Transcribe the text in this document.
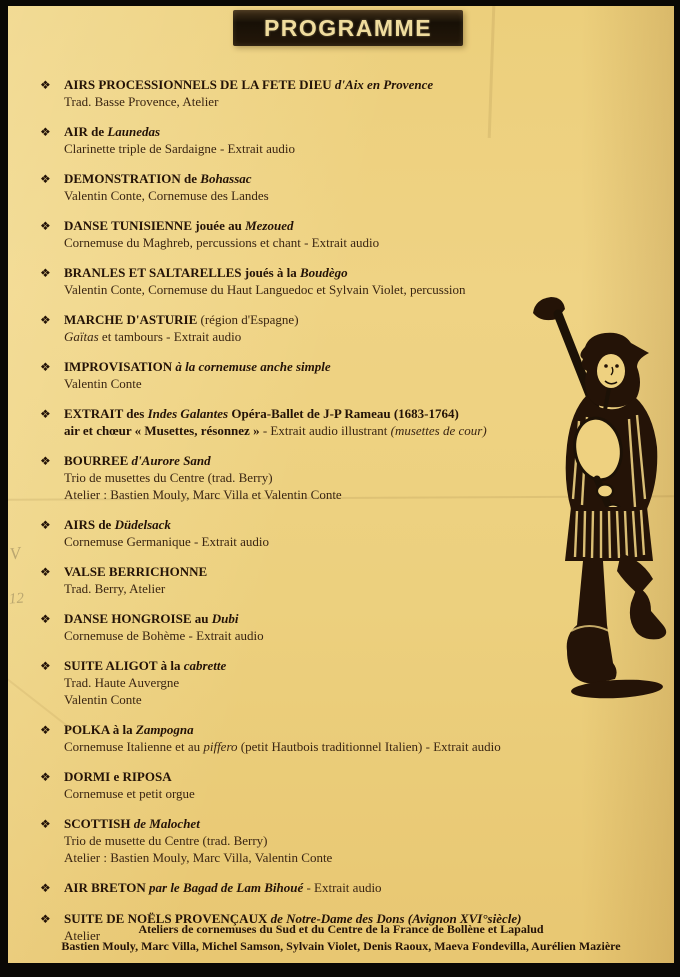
PROGRAMME
❖	AIRS PROCESSIONNELS DE LA FETE DIEU d'Aix en Provence
Trad. Basse Provence, Atelier
❖	AIR de Launedas
Clarinette triple de Sardaigne - Extrait audio
❖	DEMONSTRATION de Bohassac
Valentin Conte, Cornemuse des Landes
❖	DANSE TUNISIENNE jouée au Mezoued
Cornemuse du Maghreb, percussions et chant - Extrait audio
❖	BRANLES ET SALTARELLES joués à la Boudègo
Valentin Conte, Cornemuse du Haut Languedoc et Sylvain Violet, percussion
❖	MARCHE D'ASTURIE (région d'Espagne)
Gaïtas et tambours - Extrait audio
❖	IMPROVISATION à la cornemuse anche simple
Valentin Conte
❖	EXTRAIT des Indes Galantes Opéra-Ballet de J-P Rameau (1683-1764)
air et chœur « Musettes, résonnez » - Extrait audio illustrant (musettes de cour)
❖	BOURREE d'Aurore Sand
Trio de musettes du Centre (trad. Berry)
Atelier : Bastien Mouly, Marc Villa et Valentin Conte
❖	AIRS de Düdelsack
Cornemuse Germanique - Extrait audio
❖	VALSE BERRICHONNE
Trad. Berry, Atelier
❖	DANSE HONGROISE au Dubi
Cornemuse de Bohème - Extrait audio
❖	SUITE ALIGOT à la cabrette
Trad. Haute Auvergne
Valentin Conte
❖	POLKA à la Zampogna
Cornemuse Italienne et au piffero (petit Hautbois traditionnel Italien) - Extrait audio
❖	DORMI e RIPOSA
Cornemuse et petit orgue
❖	SCOTTISH de Malochet
Trio de musette du Centre (trad. Berry)
Atelier : Bastien Mouly, Marc Villa, Valentin Conte
❖	AIR BRETON par le Bagad de Lam Bihoué - Extrait audio
❖	SUITE DE NOËLS PROVENÇAUX de Notre-Dame des Dons (Avignon XVI°siècle)
Atelier
V
12
Ateliers de cornemuses du Sud et du Centre de la France de Bollène et Lapalud
Bastien Mouly, Marc Villa, Michel Samson, Sylvain Violet, Denis Raoux, Maeva Fondevilla, Aurélien Mazière
